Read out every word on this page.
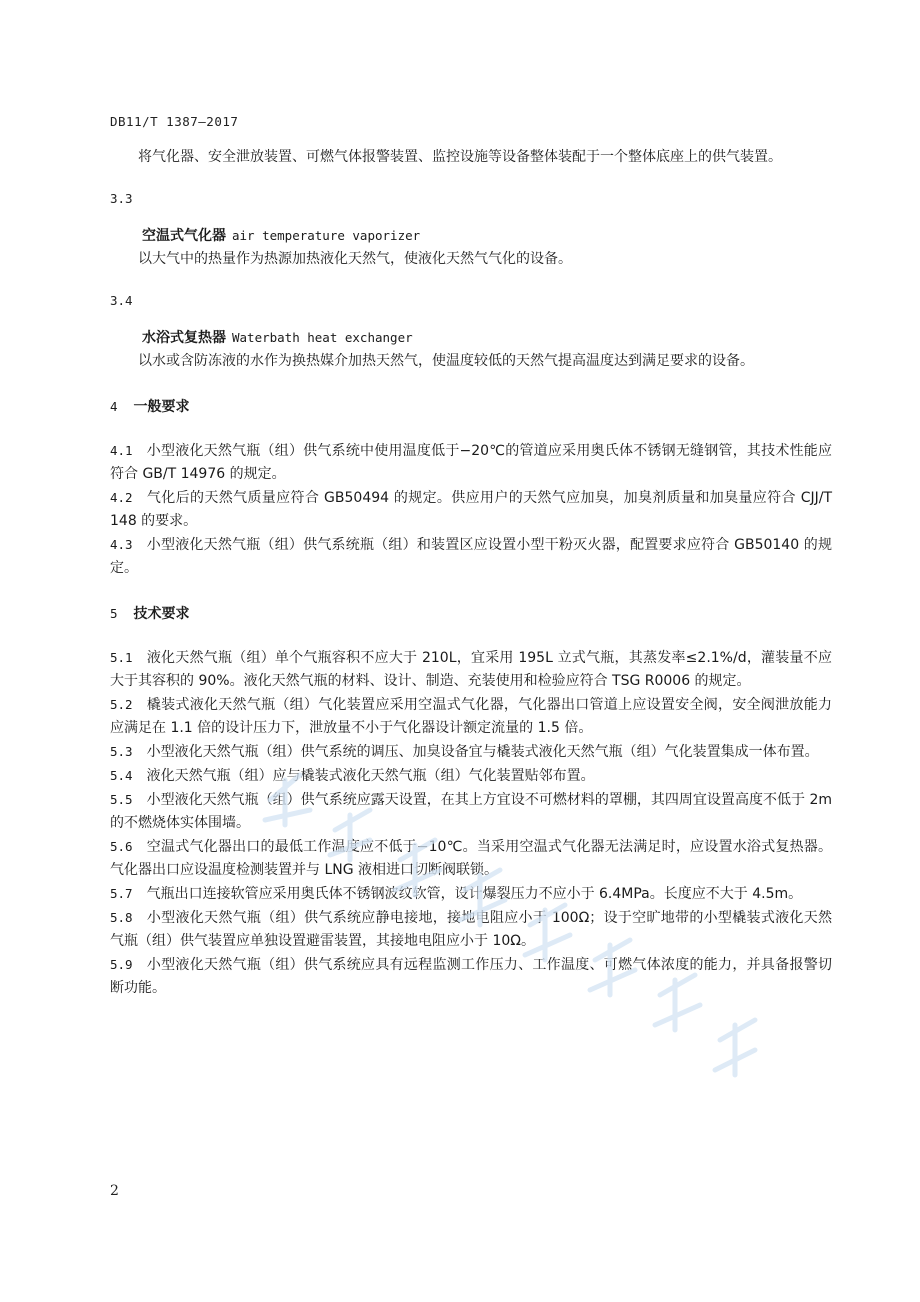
DB11/T 1387—2017

将气化器、安全泄放装置、可燃气体报警装置、监控设施等设备整体装配于一个整体底座上的供气装置。

3.3

空温式气化器 air temperature vaporizer

以大气中的热量作为热源加热液化天然气，使液化天然气气化的设备。

3.4

水浴式复热器 Waterbath heat exchanger

以水或含防冻液的水作为换热媒介加热天然气，使温度较低的天然气提高温度达到满足要求的设备。

4 一般要求

4.1 小型液化天然气瓶（组）供气系统中使用温度低于−20℃的管道应采用奥氏体不锈钢无缝钢管，其技术性能应符合 GB/T 14976 的规定。

4.2 气化后的天然气质量应符合 GB50494 的规定。供应用户的天然气应加臭，加臭剂质量和加臭量应符合 CJJ/T 148 的要求。

4.3 小型液化天然气瓶（组）供气系统瓶（组）和装置区应设置小型干粉灭火器，配置要求应符合 GB50140 的规定。

5 技术要求

5.1 液化天然气瓶（组）单个气瓶容积不应大于 210L，宜采用 195L 立式气瓶，其蒸发率≤2.1%/d，灌装量不应大于其容积的 90%。液化天然气瓶的材料、设计、制造、充装使用和检验应符合 TSG R0006 的规定。

5.2 橇装式液化天然气瓶（组）气化装置应采用空温式气化器，气化器出口管道上应设置安全阀，安全阀泄放能力应满足在 1.1 倍的设计压力下，泄放量不小于气化器设计额定流量的 1.5 倍。

5.3 小型液化天然气瓶（组）供气系统的调压、加臭设备宜与橇装式液化天然气瓶（组）气化装置集成一体布置。

5.4 液化天然气瓶（组）应与橇装式液化天然气瓶（组）气化装置贴邻布置。

5.5 小型液化天然气瓶（组）供气系统应露天设置，在其上方宜设不可燃材料的罩棚，其四周宜设置高度不低于 2m 的不燃烧体实体围墙。

5.6 空温式气化器出口的最低工作温度应不低于−10℃。当采用空温式气化器无法满足时，应设置水浴式复热器。气化器出口应设温度检测装置并与 LNG 液相进口切断阀联锁。

5.7 气瓶出口连接软管应采用奥氏体不锈钢波纹软管，设计爆裂压力不应小于 6.4MPa。长度应不大于 4.5m。

5.8 小型液化天然气瓶（组）供气系统应静电接地，接地电阻应小于 100Ω；设于空旷地带的小型橇装式液化天然气瓶（组）供气装置应单独设置避雷装置，其接地电阻应小于 10Ω。

5.9 小型液化天然气瓶（组）供气系统应具有远程监测工作压力、工作温度、可燃气体浓度的能力，并具备报警切断功能。

2
